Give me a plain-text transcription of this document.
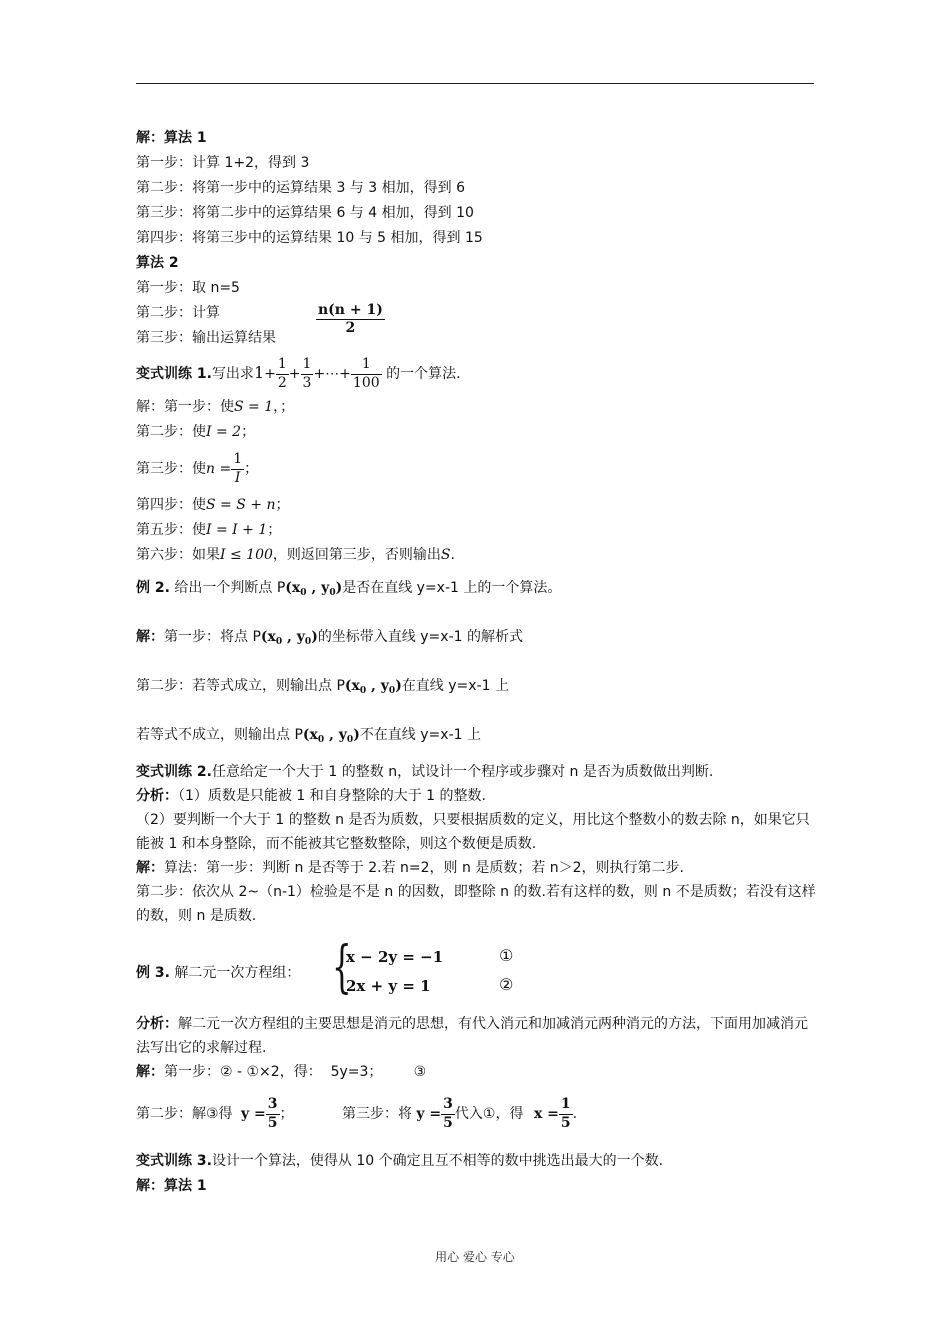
解：算法 1
第一步：计算 1+2，得到 3
第二步：将第一步中的运算结果 3 与 3 相加，得到 6
第三步：将第二步中的运算结果 6 与 4 相加，得到 10
第四步：将第三步中的运算结果 10 与 5 相加，得到 15
算法 2
第一步：取 n=5
第二步：计算
第三步：输出运算结果
$\frac{n(n + 1)}{2}$
变式训练 1.写出求$1+ \frac{1}{2} + \frac{1}{3}$ +⋯+ $\frac{1}{100}$ 的一个算法.
解：第一步：使S = 1，；
第二步：使I = 2；
第三步：使$n = \frac{1}{I}$ ；
第四步：使S = S + n；
第五步：使I = I + 1；
第六步：如果I ≤ 100，则返回第三步，否则输出S.
例 2. 给出一个判断点 $P(x_0$ , $y_0$)是否在直线 y=x-1 上的一个算法。
解：第一步：将点 $P(x_0$ , $y_0$)的坐标带入直线 y=x-1 的解析式
第二步：若等式成立，则输出点 $P(x_0$ , $y_0$)在直线 y=x-1 上
若等式不成立，则输出点 $P(x_0$ , $y_0$)不在直线 y=x-1 上
变式训练 2.任意给定一个大于 1 的整数 n，试设计一个程序或步骤对 n 是否为质数做出判断.
分析：（1）质数是只能被 1 和自身整除的大于 1 的整数.
（2）要判断一个大于 1 的整数 n 是否为质数，只要根据质数的定义，用比这个整数小的数去除 n，如果它只能被 1 和本身整除，而不能被其它整数整除，则这个数便是质数.
解：算法：第一步：判断 n 是否等于 2.若 n=2，则 n 是质数；若 n＞2，则执行第二步.
第二步：依次从 2~（n-1）检验是不是 n 的因数，即整除 n 的数.若有这样的数，则 n 不是质数；若没有这样的数，则 n 是质数.
例 3. 解二元一次方程组： {
x − 2y = −1
2x + y = 1
①
②
分析：解二元一次方程组的主要思想是消元的思想，有代入消元和加减消元两种消元的方法，下面用加减消元法写出它的求解过程.
解：第一步：② - ①×2，得：  5y=3；       ③
第二步：解③得 $y = \frac{3}{5}$ ；	第三步：将 $y = \frac{3}{5}$ 代入①，得 $x = \frac{1}{5}$ .
变式训练 3.设计一个算法，使得从 10 个确定且互不相等的数中挑选出最大的一个数.
解：算法 1
用心 爱心 专心
